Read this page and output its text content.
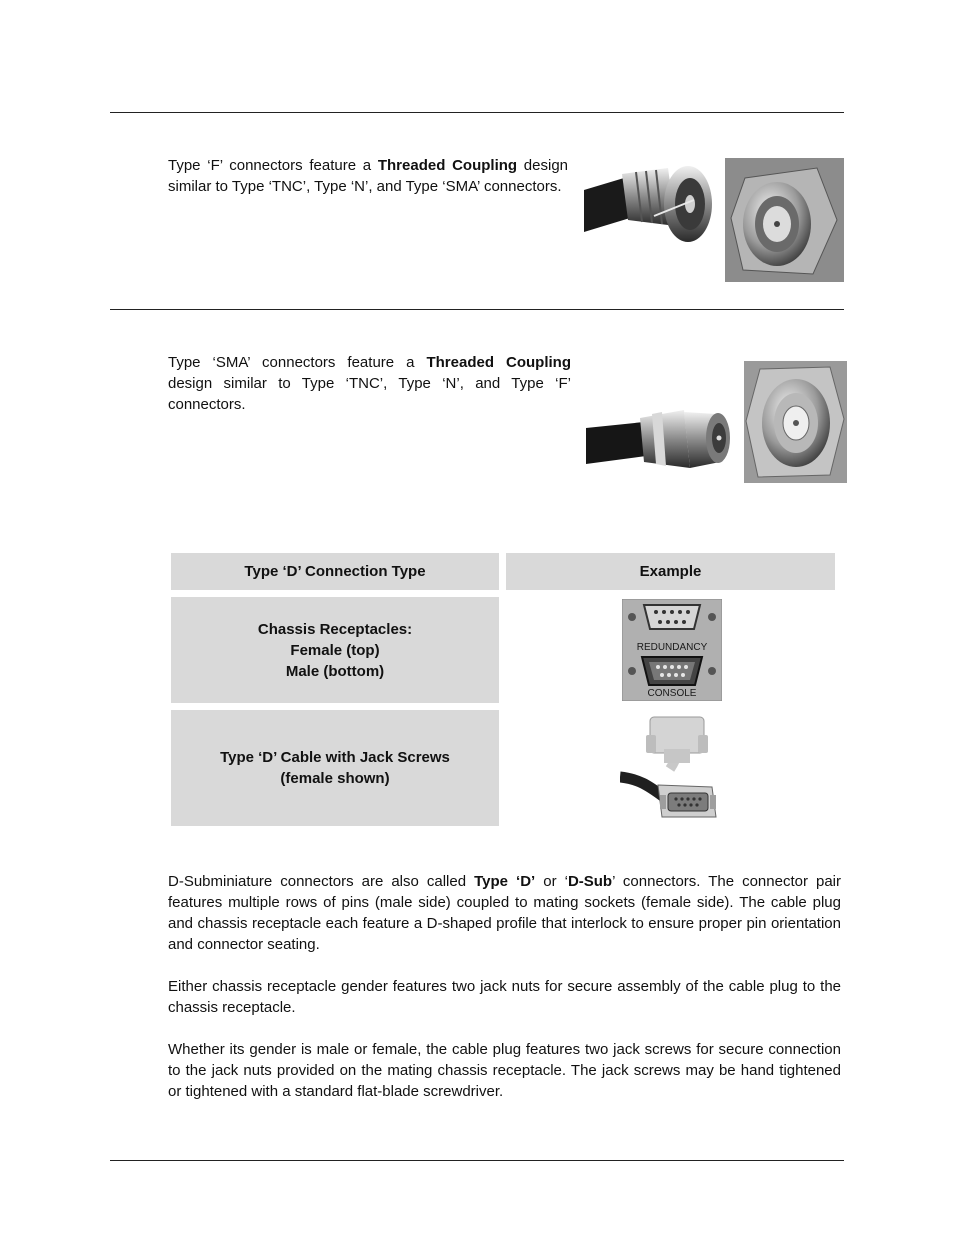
Type ‘F’ connectors feature a Threaded Coupling design similar to Type ‘TNC’, Type ‘N’, and Type ‘SMA’ connectors.

Type ‘SMA’ connectors feature a Threaded Coupling design similar to Type ‘TNC’, Type ‘N’, and Type ‘F’ connectors.

Type ‘D’ Connection Type	Example
Chassis Receptacles:
Female (top)
Male (bottom)
REDUNDANCY
CONSOLE
Type ‘D’ Cable with Jack Screws
(female shown)

D-Subminiature connectors are also called Type ‘D’ or ‘D-Sub’ connectors. The connector pair features multiple rows of pins (male side) coupled to mating sockets (female side). The cable plug and chassis receptacle each feature a D-shaped profile that interlock to ensure proper pin orientation and connector seating.

Either chassis receptacle gender features two jack nuts for secure assembly of the cable plug to the chassis receptacle.

Whether its gender is male or female, the cable plug features two jack screws for secure connection to the jack nuts provided on the mating chassis receptacle. The jack screws may be hand tightened or tightened with a standard flat-blade screwdriver.
